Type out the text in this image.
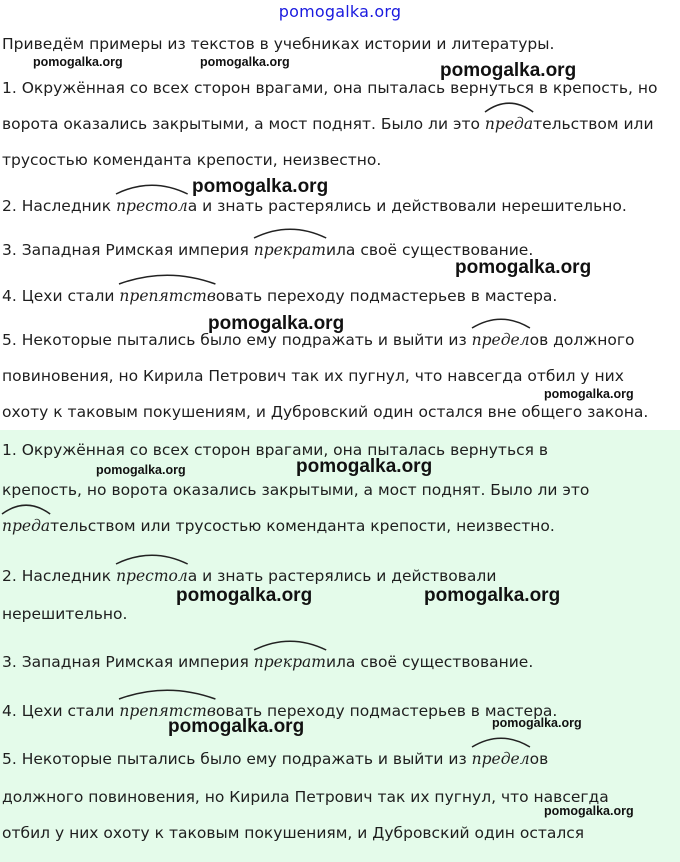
pomogalka.org
Приведём примеры из текстов в учебниках истории и литературы.
1. Окружённая со всех сторон врагами, она пыталась вернуться в крепость, но
ворота оказались закрытыми, а мост поднят. Было ли это
предательством или
трусостью коменданта крепости, неизвестно.
2. Наследник
престола и знать растерялись и действовали нерешительно.
3. Западная Римская империя
прекратила своё существование.
4. Цехи стали
препятствовать переходу подмастерьев в мастера.
5. Некоторые пытались было ему подражать и выйти из
пределов должного
повиновения, но Кирила Петрович так их пугнул, что навсегда отбил у них
охоту к таковым покушениям, и Дубровский один остался вне общего закона.
1. Окружённая со всех сторон врагами, она пыталась вернуться в
крепость, но ворота оказались закрытыми, а мост поднят. Было ли это
предательством или трусостью коменданта крепости, неизвестно.
2. Наследник
престола и знать растерялись и действовали
нерешительно.
3. Западная Римская империя
прекратила своё существование.
4. Цехи стали
препятствовать переходу подмастерьев в мастера.
5. Некоторые пытались было ему подражать и выйти из
пределов
должного повиновения, но Кирила Петрович так их пугнул, что навсегда
отбил у них охоту к таковым покушениям, и Дубровский один остался
pomogalka.org	pomogalka.org	pomogalka.org
pomogalka.org
pomogalka.org
pomogalka.org
pomogalka.org
pomogalka.org	pomogalka.org
pomogalka.org	pomogalka.org
pomogalka.org
pomogalka.org
pomogalka.org
